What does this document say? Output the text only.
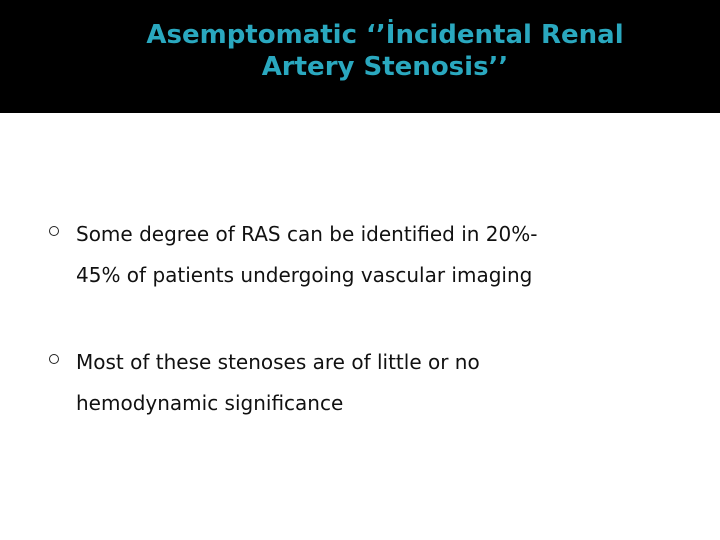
Asemptomatic ‘’İncidental Renal
Artery Stenosis’’

Some degree of RAS can be identified in 20%-
45% of patients undergoing vascular imaging

Most of these stenoses are of little or no
hemodynamic significance
